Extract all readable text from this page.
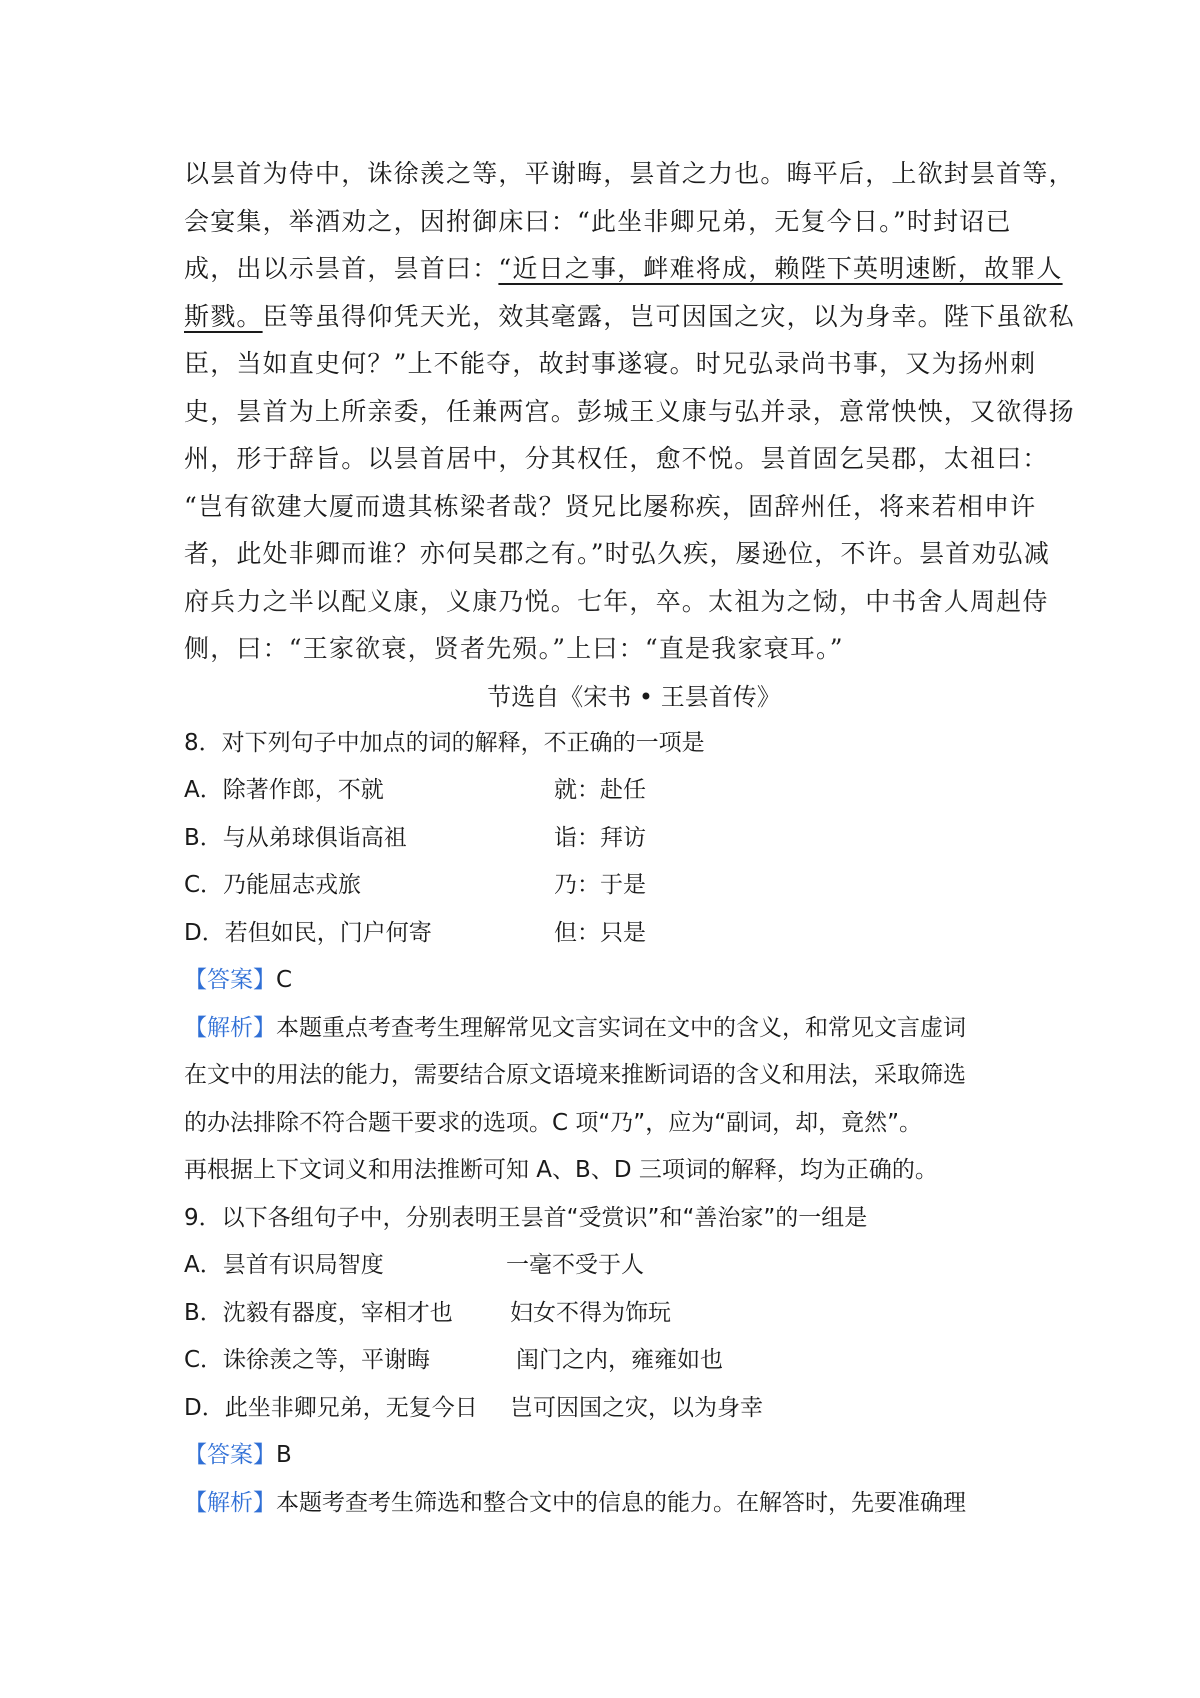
以昙首为侍中，诛徐羡之等，平谢晦，昙首之力也。晦平后，上欲封昙首等，

会宴集，举酒劝之，因拊御床曰：“此坐非卿兄弟，无复今日。”时封诏已

成，出以示昙首，昙首曰：“近日之事，衅难将成，赖陛下英明速断，故罪人

斯戮。臣等虽得仰凭天光，效其毫露，岂可因国之灾，以为身幸。陛下虽欲私

臣，当如直史何？”上不能夺，故封事遂寝。时兄弘录尚书事，又为扬州刺

史，昙首为上所亲委，任兼两宫。彭城王义康与弘并录，意常怏怏，又欲得扬

州，形于辞旨。以昙首居中，分其权任，愈不悦。昙首固乞吴郡，太祖曰：

“岂有欲建大厦而遗其栋梁者哉？贤兄比屡称疾，固辞州任，将来若相申许

者，此处非卿而谁？亦何吴郡之有。”时弘久疾，屡逊位，不许。昙首劝弘减

府兵力之半以配义康，义康乃悦。七年，卒。太祖为之恸，中书舍人周赳侍

侧，曰：“王家欲衰，贤者先殒。”上曰：“直是我家衰耳。”

节选自《宋书 • 王昙首传》
8．对下列句子中加点的词的解释，不正确的一项是
A．除著作郎，不就	就：赴任
B．与从弟球俱诣高祖	诣：拜访
C．乃能屈志戎旅	乃：于是
D．若但如民，门户何寄	但：只是
【答案】C
【解析】本题重点考查考生理解常见文言实词在文中的含义，和常见文言虚词
在文中的用法的能力，需要结合原文语境来推断词语的含义和用法，采取筛选
的办法排除不符合题干要求的选项。C 项“乃”，应为“副词，却，竟然”。
再根据上下文词义和用法推断可知 A、B、D 三项词的解释，均为正确的。
9．以下各组句子中，分别表明王昙首“受赏识”和“善治家”的一组是
A．昙首有识局智度	一毫不受于人
B．沈毅有器度，宰相才也 妇女不得为饰玩
C．诛徐羡之等，平谢晦	闺门之内，雍雍如也
D．此坐非卿兄弟，无复今日 岂可因国之灾，以为身幸
【答案】B
【解析】本题考查考生筛选和整合文中的信息的能力。在解答时，先要准确理
